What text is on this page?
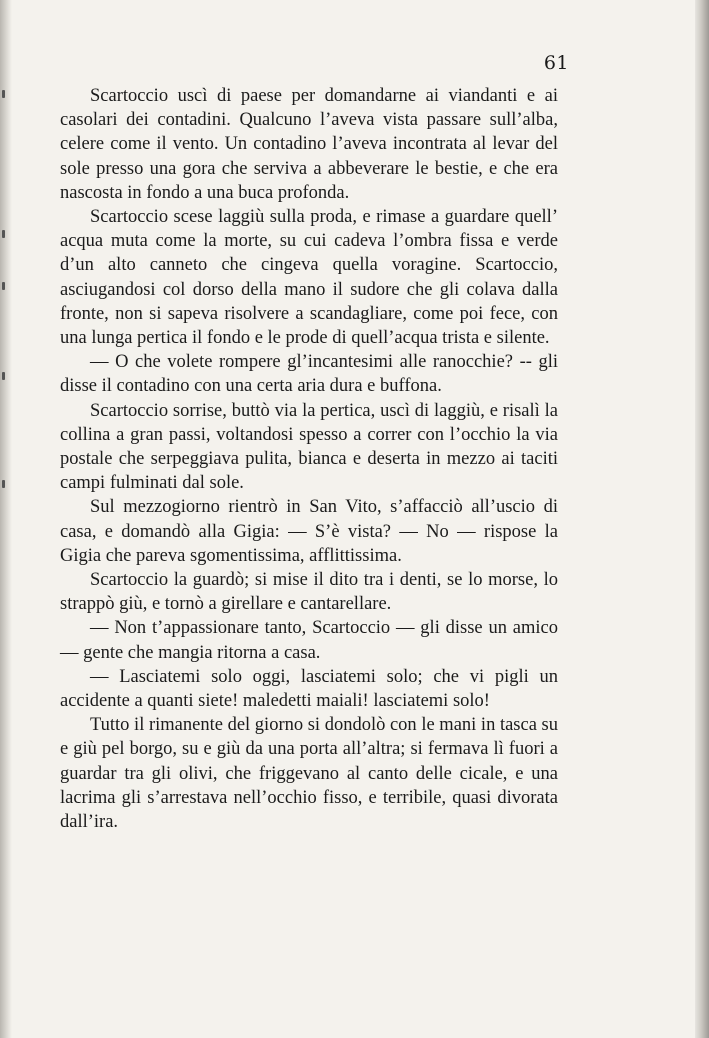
61

Scartoccio uscì di paese per domandarne ai viandanti e ai casolari dei contadini. Qualcuno l’aveva vista passare sull’alba, celere come il vento. Un contadino l’aveva incontrata al levar del sole presso una gora che serviva a abbeverare le bestie, e che era nascosta in fondo a una buca profonda.

Scartoccio scese laggiù sulla proda, e rimase a guardare quell’ acqua muta come la morte, su cui cadeva l’ombra fissa e verde d’un alto canneto che cingeva quella voragine. Scartoccio, asciugandosi col dorso della mano il sudore che gli colava dalla fronte, non si sapeva risolvere a scandagliare, come poi fece, con una lunga pertica il fondo e le prode di quell’acqua trista e silente.

— O che volete rompere gl’incantesimi alle ranocchie? -- gli disse il contadino con una certa aria dura e buffona.

Scartoccio sorrise, buttò via la pertica, uscì di laggiù, e risalì la collina a gran passi, voltandosi spesso a correr con l’occhio la via postale che serpeggiava pulita, bianca e deserta in mezzo ai taciti campi fulminati dal sole.

Sul mezzogiorno rientrò in San Vito, s’affacciò all’uscio di casa, e domandò alla Gigia: — S’è vista? — No — rispose la Gigia che pareva sgomentissima, afflittissima.

Scartoccio la guardò; si mise il dito tra i denti, se lo morse, lo strappò giù, e tornò a girellare e cantarellare.

— Non t’appassionare tanto, Scartoccio — gli disse un amico — gente che mangia ritorna a casa.

— Lasciatemi solo oggi, lasciatemi solo; che vi pigli un accidente a quanti siete! maledetti maiali! lasciatemi solo!

Tutto il rimanente del giorno si dondolò con le mani in tasca su e giù pel borgo, su e giù da una porta all’altra; si fermava lì fuori a guardar tra gli olivi, che friggevano al canto delle cicale, e una lacrima gli s’arrestava nell’occhio fisso, e terribile, quasi divorata dall’ira.
